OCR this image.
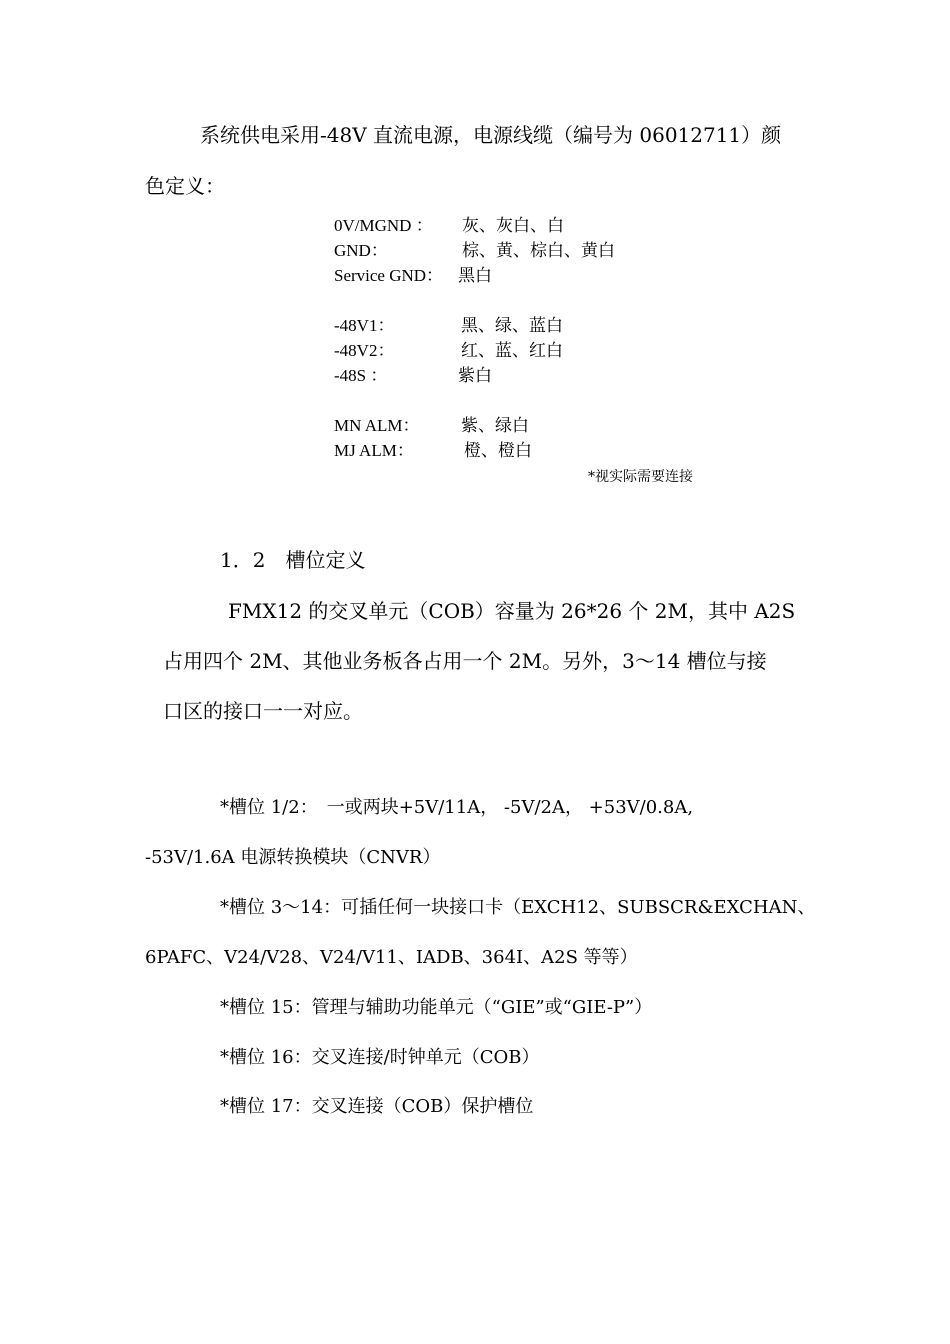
系统供电采用-48V 直流电源，电源线缆（编号为 06012711）颜
色定义：
0V/MGND ： 灰、灰白、白
GND：	棕、黄、棕白、黄白
Service GND： 黑白
-48V1：	黑、绿、蓝白
-48V2：	红、蓝、红白
-48S ：	紫白
MN ALM： 紫、绿白
MJ ALM：	橙、橙白
*视实际需要连接
1．2　槽位定义
FMX12 的交叉单元（COB）容量为 26*26 个 2M，其中 A2S
占用四个 2M、其他业务板各占用一个 2M。另外，3～14 槽位与接
口区的接口一一对应。
*槽位 1/2：　一或两块+5V/11A， -5V/2A， +53V/0.8A,
-53V/1.6A 电源转换模块（CNVR）
*槽位 3～14：可插任何一块接口卡（EXCH12、SUBSCR&EXCHAN、
6PAFC、V24/V28、V24/V11、IADB、364I、A2S 等等）
*槽位 15：管理与辅助功能单元（“GIE”或“GIE-P”）
*槽位 16：交叉连接/时钟单元（COB）
*槽位 17：交叉连接（COB）保护槽位
